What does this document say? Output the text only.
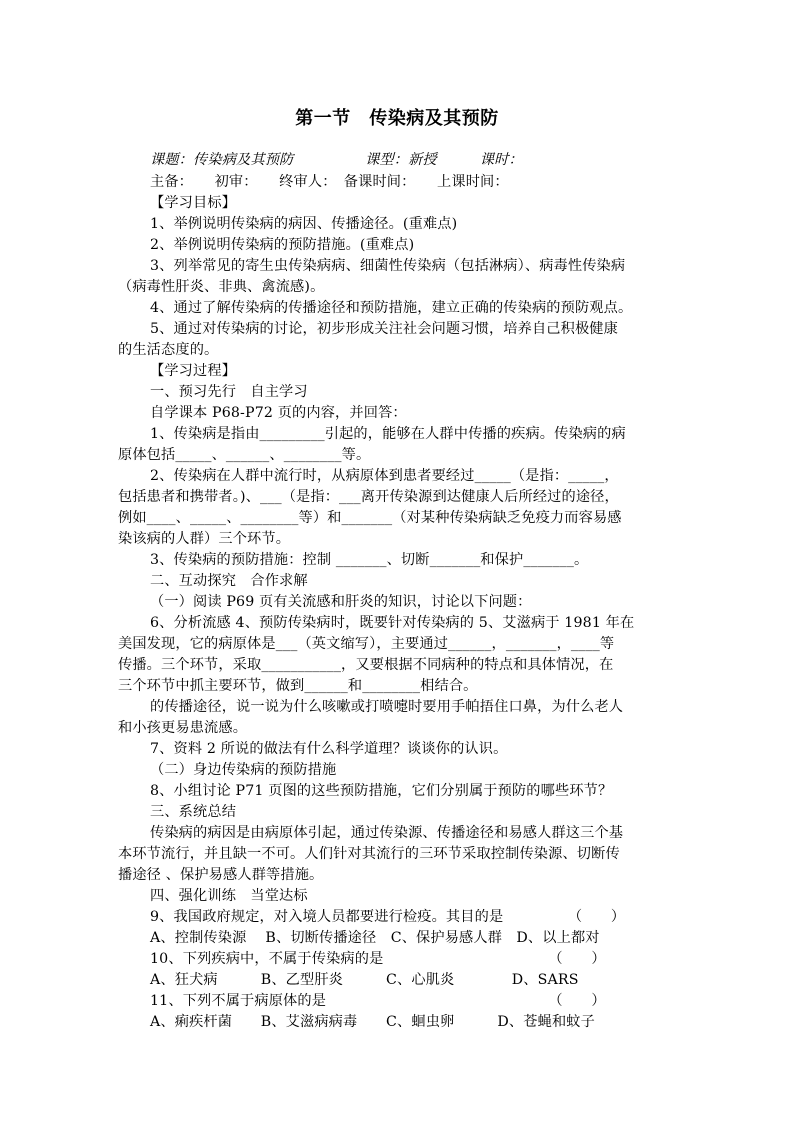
第一节　传染病及其预防
课题：传染病及其预防　　　　　课型：新授　　　课时：
主备：　　初审：　　终审人：　备课时间：　　上课时间：
【学习目标】
1、举例说明传染病的病因、传播途径。(重难点)
2、举例说明传染病的预防措施。(重难点)
3、列举常见的寄生虫传染病病、细菌性传染病（包括淋病）、病毒性传染病
（病毒性肝炎、非典、禽流感)。
4、通过了解传染病的传播途径和预防措施，建立正确的传染病的预防观点。
5、通过对传染病的讨论，初步形成关注社会问题习惯，培养自己积极健康
的生活态度的。
【学习过程】
一、预习先行　自主学习
自学课本 P68-P72 页的内容，并回答：
1、传染病是指由_________引起的，能够在人群中传播的疾病。传染病的病
原体包括_____、______、________等。
2、传染病在人群中流行时，从病原体到患者要经过_____（是指：_____，
包括患者和携带者。)、___（是指：___离开传染源到达健康人后所经过的途径，
例如____、_____、________等）和_______（对某种传染病缺乏免疫力而容易感
染该病的人群）三个环节。
3、传染病的预防措施：控制 _______、切断_______和保护_______。
二、互动探究　合作求解
（一）阅读 P69 页有关流感和肝炎的知识，讨论以下问题：
6、分析流感 4、预防传染病时，既要针对传染病的 5、艾滋病于 1981 年在
美国发现，它的病原体是___（英文缩写），主要通过______，_______，____等
传播。三个环节，采取___________，又要根据不同病种的特点和具体情况，在
三个环节中抓主要环节，做到______和________相结合。
的传播途径，说一说为什么咳嗽或打喷嚏时要用手帕捂住口鼻，为什么老人
和小孩更易患流感。
7、资料 2 所说的做法有什么科学道理？谈谈你的认识。
（二）身边传染病的预防措施
8、小组讨论 P71 页图的这些预防措施，它们分别属于预防的哪些环节？
三、系统总结
传染病的病因是由病原体引起，通过传染源、传播途径和易感人群这三个基
本环节流行，并且缺一不可。人们针对其流行的三环节采取控制传染源、切断传
播途径 、保护易感人群等措施。
四、强化训练　当堂达标
9、我国政府规定，对入境人员都要进行检疫。其目的是　　　　　（　　）
A、控制传染源　 B、切断传播途径　C、保护易感人群　D、以上都对
10、下列疾病中，不属于传染病的是　　　　　　　　　　　　（　　）
A、狂犬病　　　B、乙型肝炎　　　C、心肌炎　　　　D、SARS
11、下列不属于病原体的是　　　　　　　　　　　　　　　　（　　）
A、痢疾杆菌　　B、艾滋病病毒　　C、蛔虫卵　　　D、苍蝇和蚊子
